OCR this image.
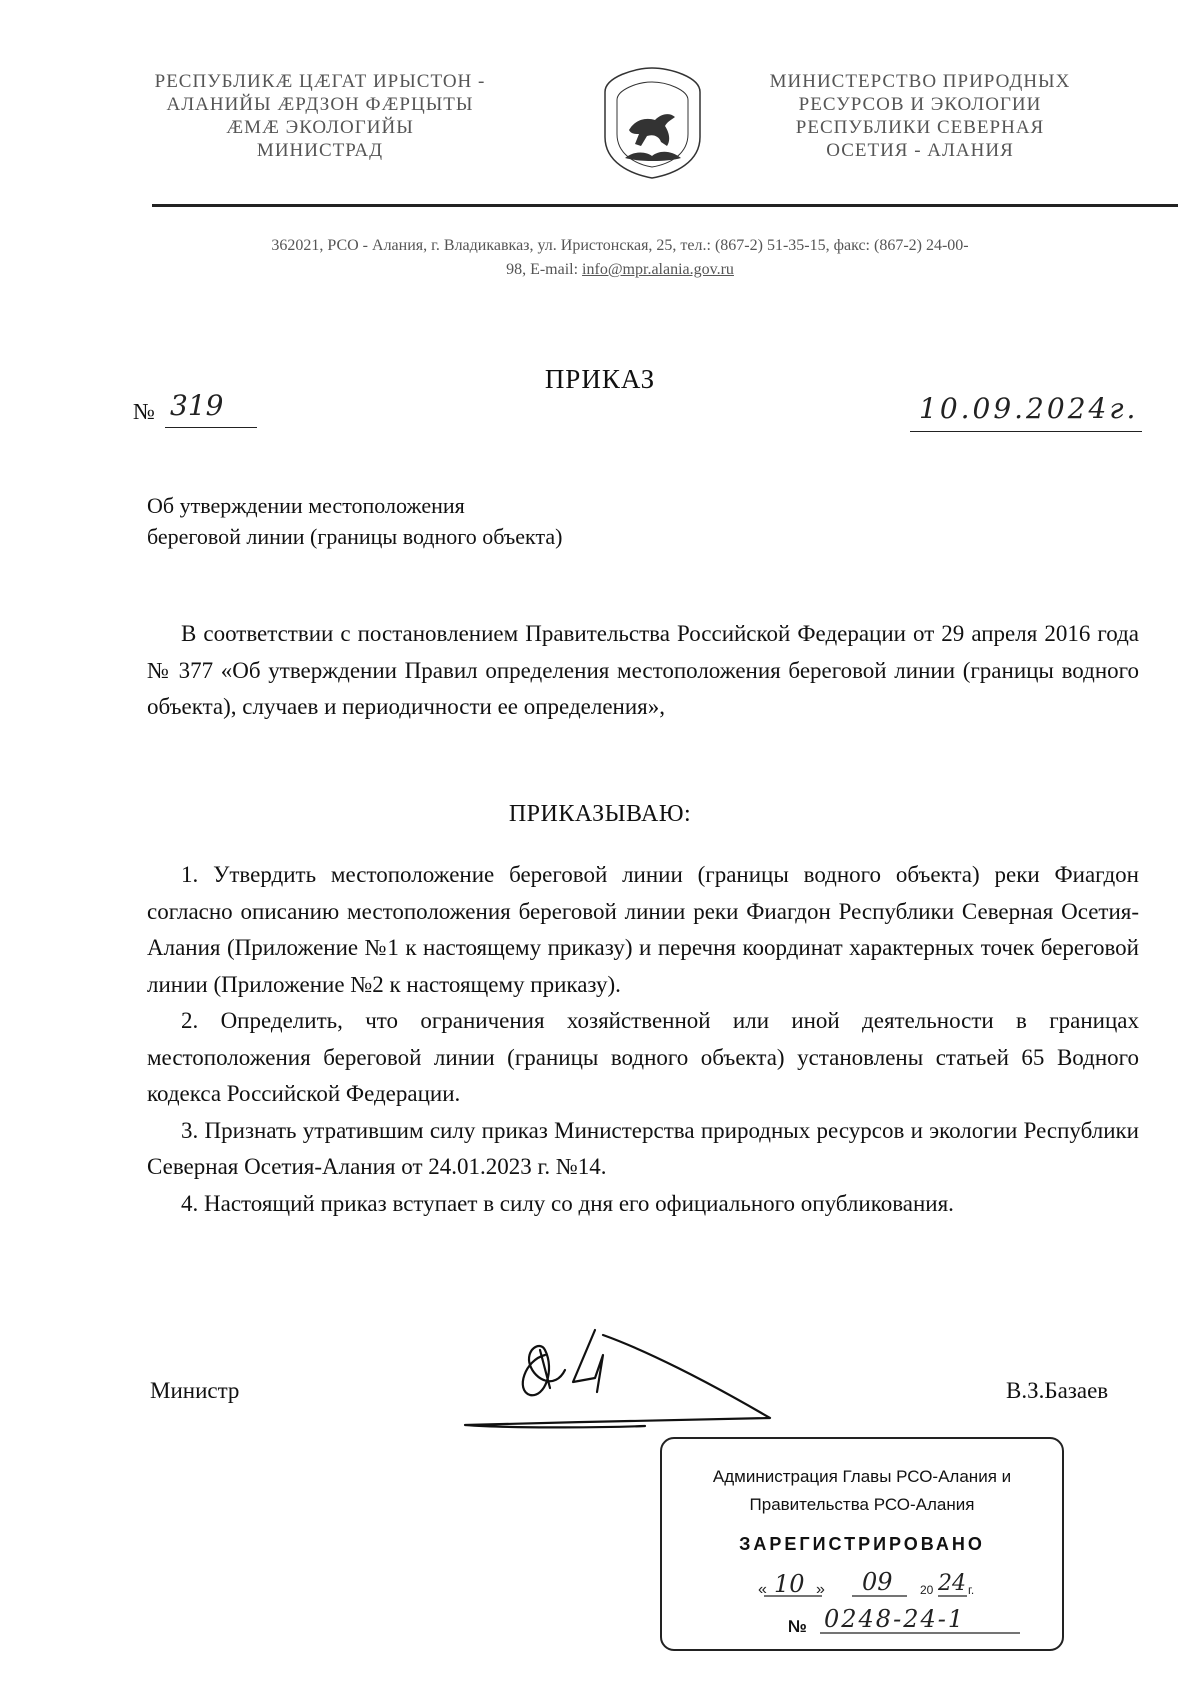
РЕСПУБЛИКÆ ЦÆГАТ ИРЫСТОН -
АЛАНИЙЫ ÆРДЗОН ФÆРЦЫТЫ
ÆМÆ ЭКОЛОГИЙЫ
МИНИСТРАД
МИНИСТЕРСТВО ПРИРОДНЫХ
РЕСУРСОВ И ЭКОЛОГИИ
РЕСПУБЛИКИ СЕВЕРНАЯ
ОСЕТИЯ - АЛАНИЯ
362021, РСО - Алания, г. Владикавказ, ул. Иристонская, 25, тел.: (867-2) 51-35-15, факс: (867-2) 24-00-
98, E-mail: info@mpr.alania.gov.ru
ПРИКАЗ
№ 319	10.09.2024г.
Об утверждении местоположения
береговой линии (границы водного объекта)

В соответствии с постановлением Правительства Российской Федерации от 29 апреля 2016 года № 377 «Об утверждении Правил определения местоположения береговой линии (границы водного объекта), случаев и периодичности ее определения»,

ПРИКАЗЫВАЮ:

1. Утвердить местоположение береговой линии (границы водного объекта) реки Фиагдон согласно описанию местоположения береговой линии реки Фиагдон Республики Северная Осетия-Алания (Приложение №1 к настоящему приказу) и перечня координат характерных точек береговой линии (Приложение №2 к настоящему приказу).

2. Определить, что ограничения хозяйственной или иной деятельности в границах местоположения береговой линии (границы водного объекта) установлены статьей 65 Водного кодекса Российской Федерации.

3. Признать утратившим силу приказ Министерства природных ресурсов и экологии Республики Северная Осетия-Алания от 24.01.2023 г. №14.

4. Настоящий приказ вступает в силу со дня его официального опубликования.

Министр	В.З.Базаев
Администрация Главы РСО-Алания и
Правительства РСО-Алания
ЗАРЕГИСТРИРОВАНО
«	»
10 09 20 24 г.
№ 0248-24-1
